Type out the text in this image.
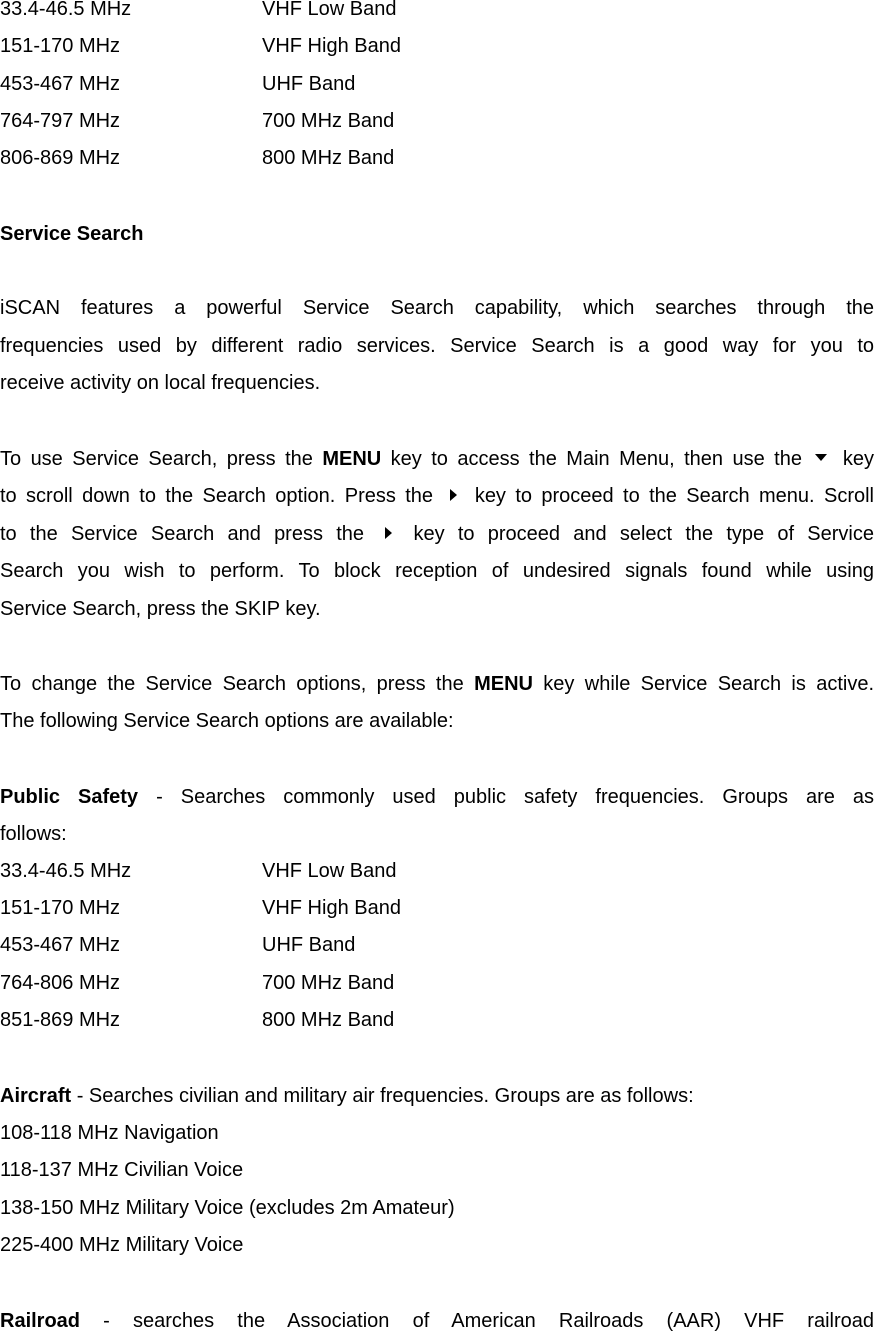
33.4-46.5 MHz	VHF Low Band
151-170 MHz	VHF High Band
453-467 MHz	UHF Band
764-797 MHz	700 MHz Band
806-869 MHz	800 MHz Band
Service Search
iSCAN features a powerful Service Search capability, which searches through the
frequencies used by different radio services. Service Search is a good way for you to
receive activity on local frequencies.
To use Service Search, press the MENU key to access the Main Menu, then use the key
to scroll down to the Search option. Press the key to proceed to the Search menu. Scroll
to the Service Search and press the key to proceed and select the type of Service
Search you wish to perform. To block reception of undesired signals found while using
Service Search, press the SKIP key.
To change the Service Search options, press the MENU key while Service Search is active.
The following Service Search options are available:
Public Safety - Searches commonly used public safety frequencies. Groups are as
follows:
33.4-46.5 MHz	VHF Low Band
151-170 MHz	VHF High Band
453-467 MHz	UHF Band
764-806 MHz	700 MHz Band
851-869 MHz	800 MHz Band
Aircraft - Searches civilian and military air frequencies. Groups are as follows:
108-118 MHz Navigation
118-137 MHz Civilian Voice
138-150 MHz Military Voice (excludes 2m Amateur)
225-400 MHz Military Voice
Railroad - searches the Association of American Railroads (AAR) VHF railroad
